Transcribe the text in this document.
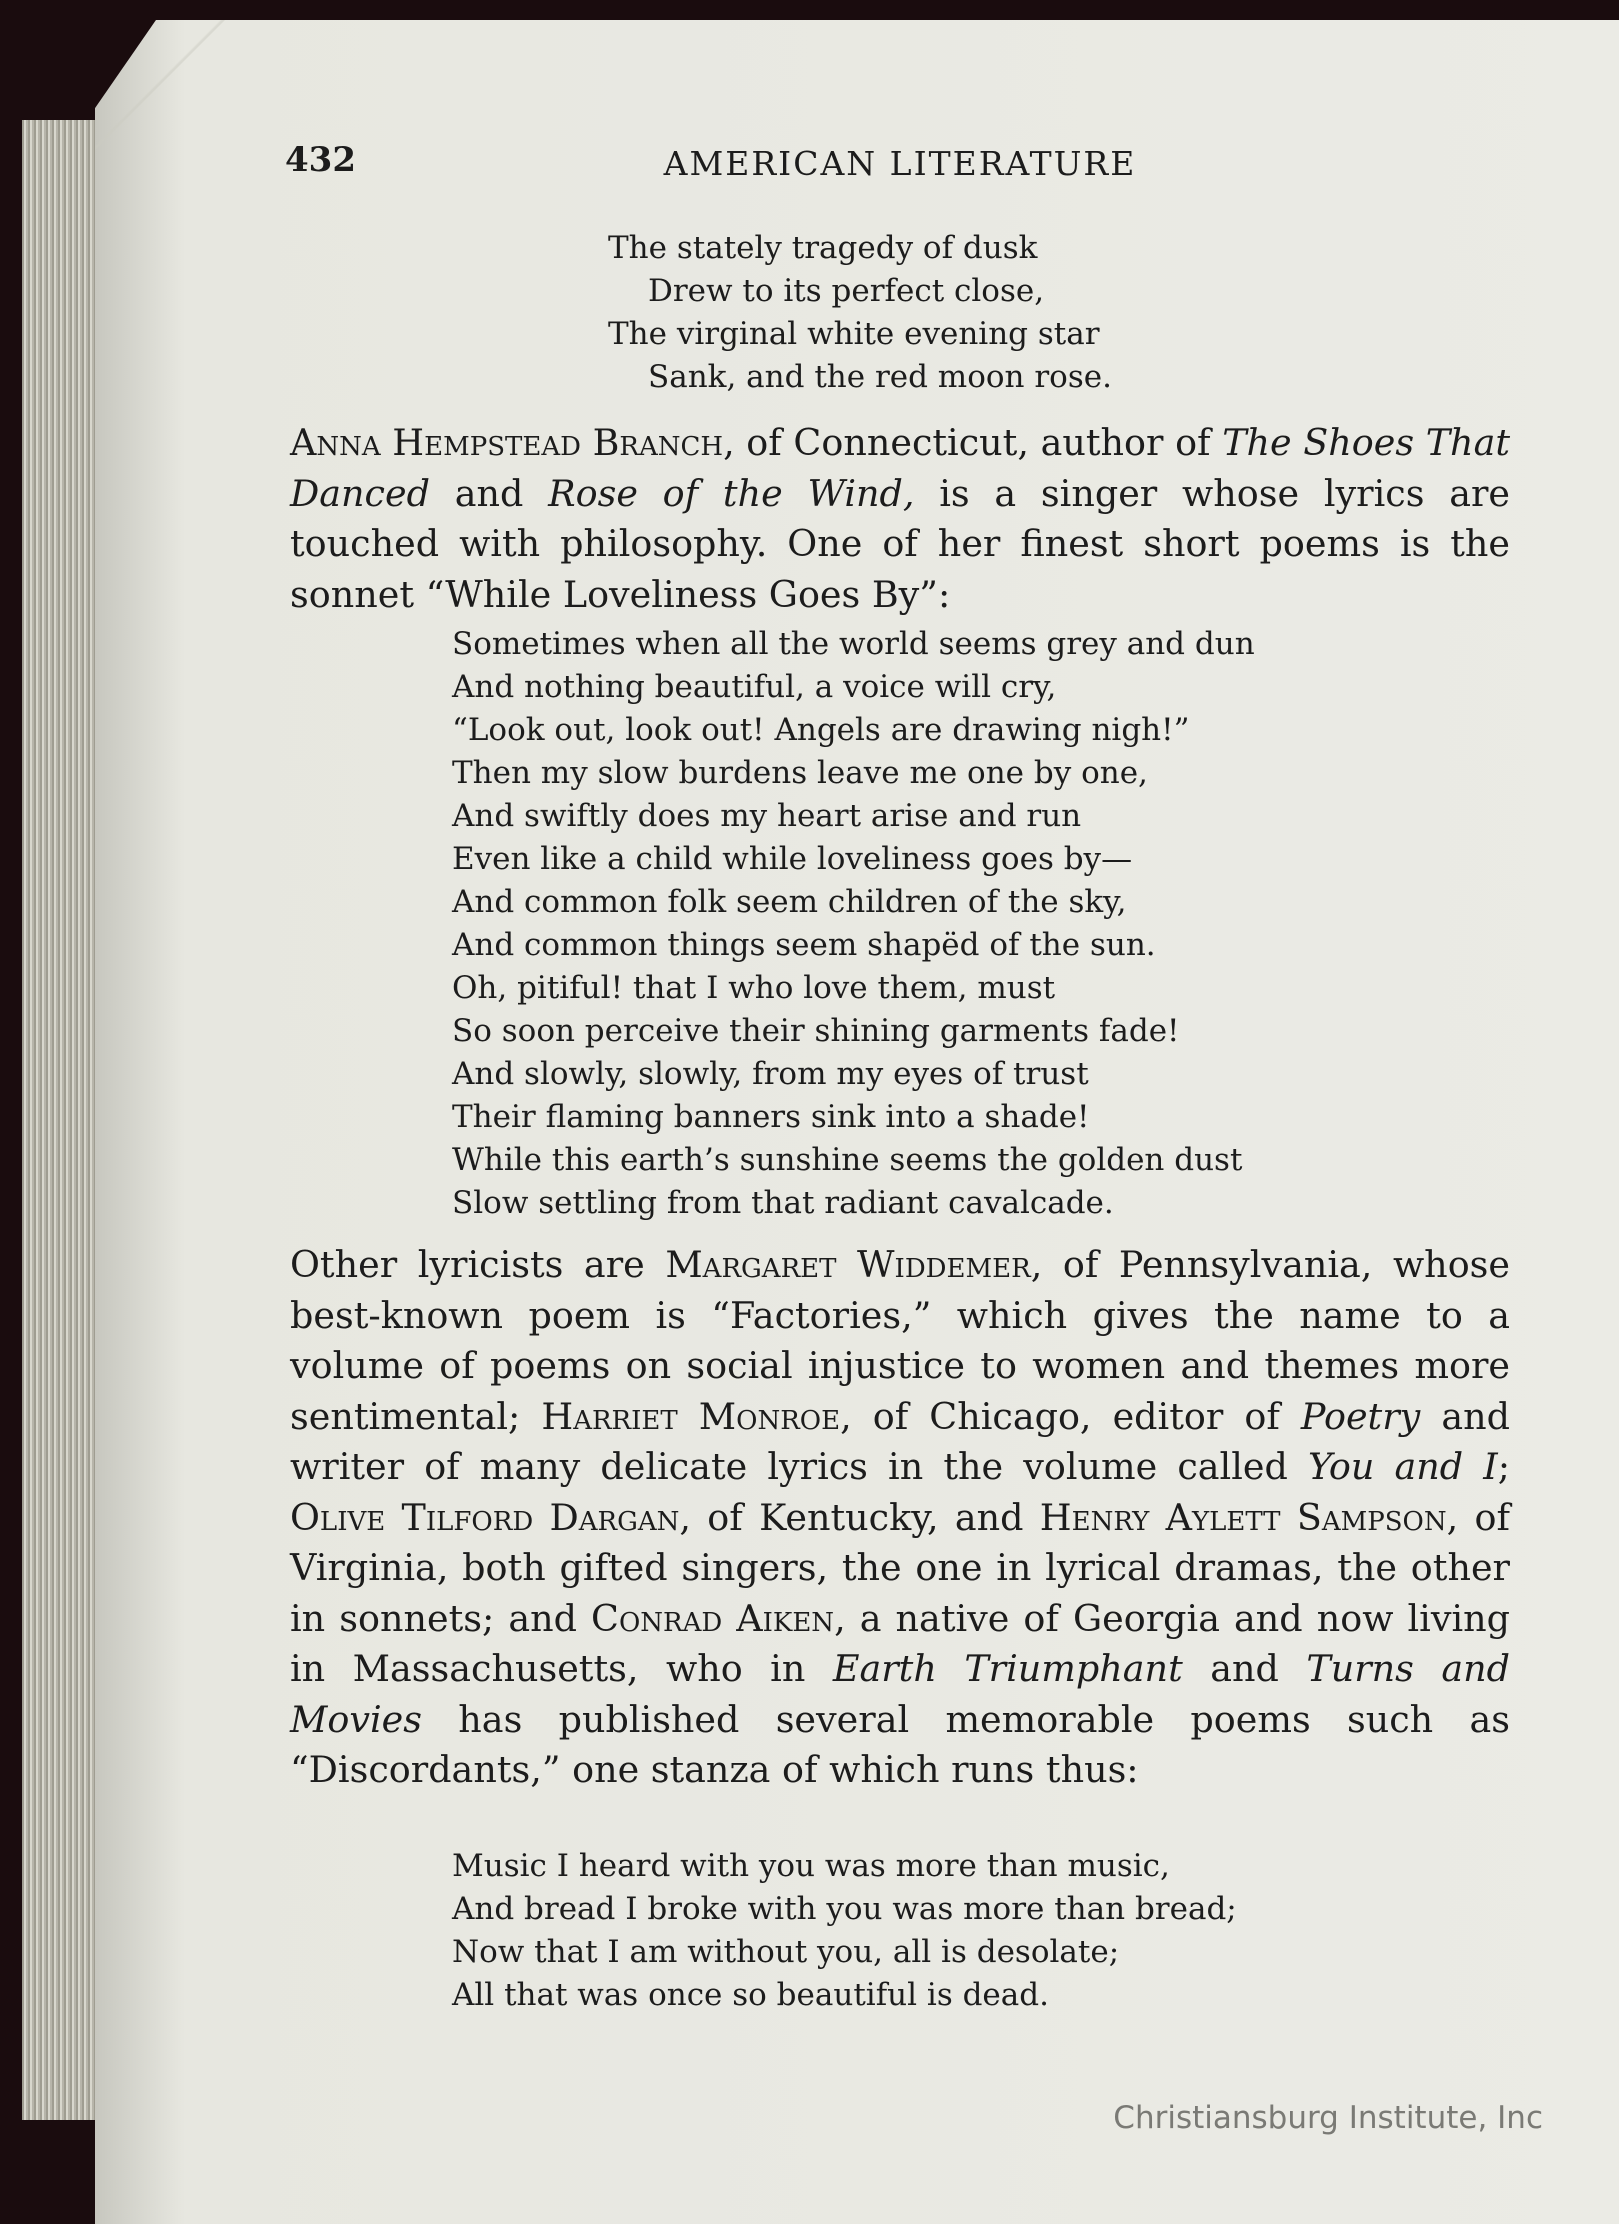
432	AMERICAN LITERATURE
The stately tragedy of dusk
Drew to its perfect close,
The virginal white evening star
Sank, and the red moon rose.

Anna Hempstead Branch, of Connecticut, author of The Shoes That Danced and Rose of the Wind, is a singer whose lyrics are touched with philosophy. One of her finest short poems is the sonnet “While Loveliness Goes By”:

Sometimes when all the world seems grey and dun
And nothing beautiful, a voice will cry,
“Look out, look out! Angels are drawing nigh!”
Then my slow burdens leave me one by one,
And swiftly does my heart arise and run
Even like a child while loveliness goes by—
And common folk seem children of the sky,
And common things seem shapëd of the sun.
Oh, pitiful! that I who love them, must
So soon perceive their shining garments fade!
And slowly, slowly, from my eyes of trust
Their flaming banners sink into a shade!
While this earth’s sunshine seems the golden dust
Slow settling from that radiant cavalcade.

Other lyricists are Margaret Widdemer, of Pennsylvania, whose best-known poem is “Factories,” which gives the name to a volume of poems on social injustice to women and themes more sentimental; Harriet Monroe, of Chicago, editor of Poetry and writer of many delicate lyrics in the volume called You and I; Olive Tilford Dargan, of Kentucky, and Henry Aylett Sampson, of Virginia, both gifted singers, the one in lyrical dramas, the other in sonnets; and Conrad Aiken, a native of Georgia and now living in Massachusetts, who in Earth Triumphant and Turns and Movies has published several memorable poems such as “Discordants,” one stanza of which runs thus:

Music I heard with you was more than music,
And bread I broke with you was more than bread;
Now that I am without you, all is desolate;
All that was once so beautiful is dead.
Christiansburg Institute, Inc
